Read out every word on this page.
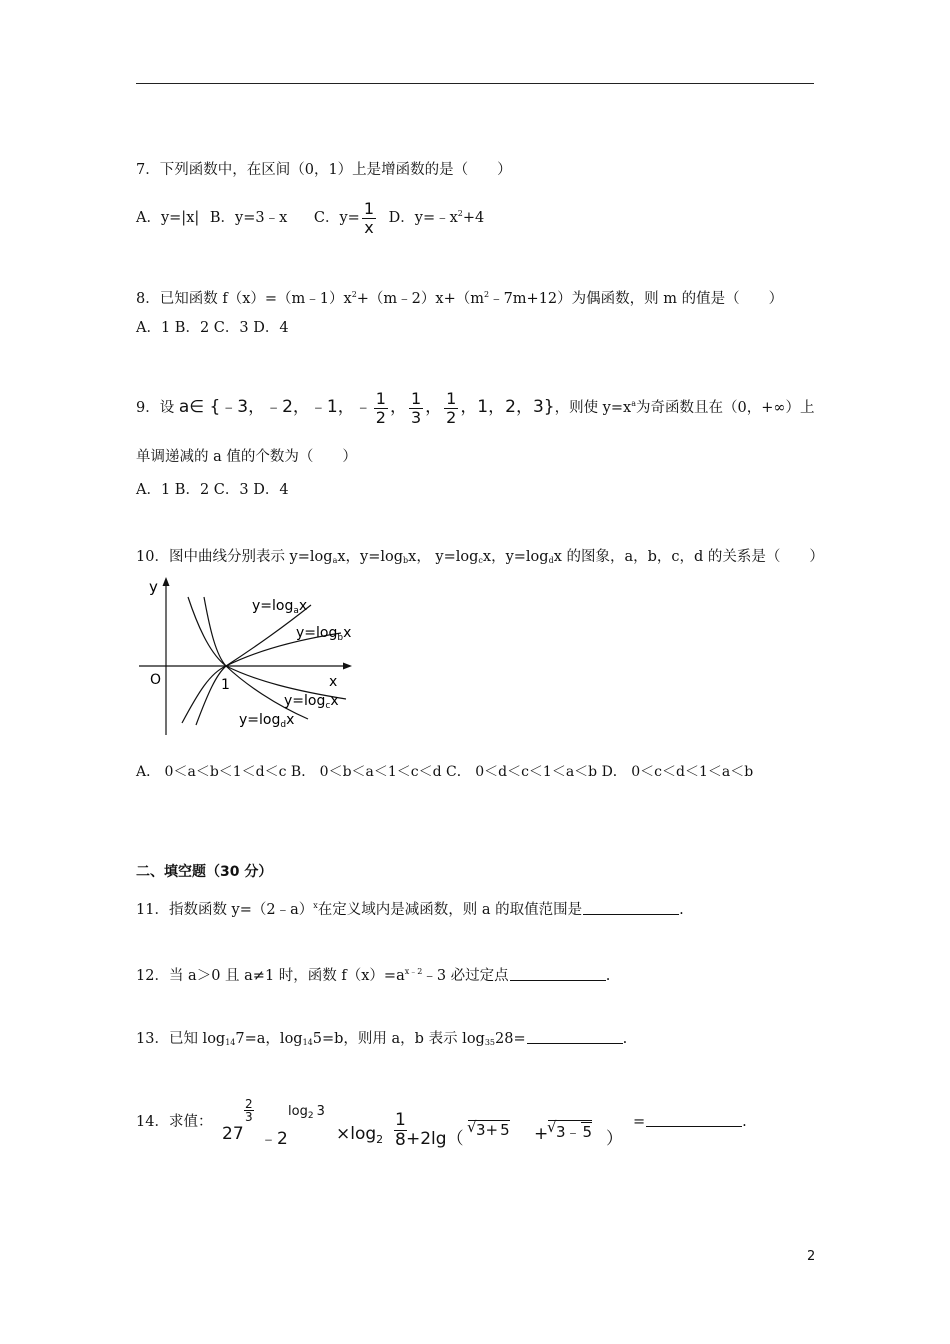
7．下列函数中，在区间（0，1）上是增函数的是（　　）
A．y=|x| B．y=3﹣x C．$y= \frac{1}{x}$ D．$y=﹣x^2+4$
8．已知函数 $f(x)=(m﹣1)x^2+(m﹣2)x+(m^2﹣7m+12)$为偶函数，则 m 的值是（　　）
A．1 B．2 C．3 D．4
9．设 a∈ {﹣3，﹣2，﹣1，﹣ $\frac{1}{2}$ ， $\frac{1}{3}$ ， $\frac{1}{2}$ ，1，2，3}，则使 $y=x^a$为奇函数且在（0，+∞）上
单调递减的 a 值的个数为（　　）
A．1 B．2 C．3 D．4
10．图中曲线分别表示 y=logax，y=logbx， y=logcx，y=logdx 的图象，a，b，c，d 的关系是（　　）
y
x
O	1
$y=\log_ax$
$y=\log_bx$
$y=\log_cx$
$y=\log_dx$
A． 0＜a＜b＜1＜d＜c B． 0＜b＜a＜1＜c＜d C． 0＜d＜c＜1＜a＜b D． 0＜c＜d＜1＜a＜b
二、填空题（30 分）
11．指数函数 y=（2﹣a）$^x$在定义域内是减函数，则 a 的取值范围是	.
12．当 a＞0 且 a≠1 时，函数 $f(x)=a^{x﹣2}﹣3$ 必过定点	.
13．已知 log147=a，log145=b，则用 a，b 表示 log3528=	.
14．求值：
27
2
3
﹣2
$\log_2 3$
$\times\log_2$
1
8 +2lg（
√ 3+ 5 +
√ 3﹣ 5 ）
=	.
2
